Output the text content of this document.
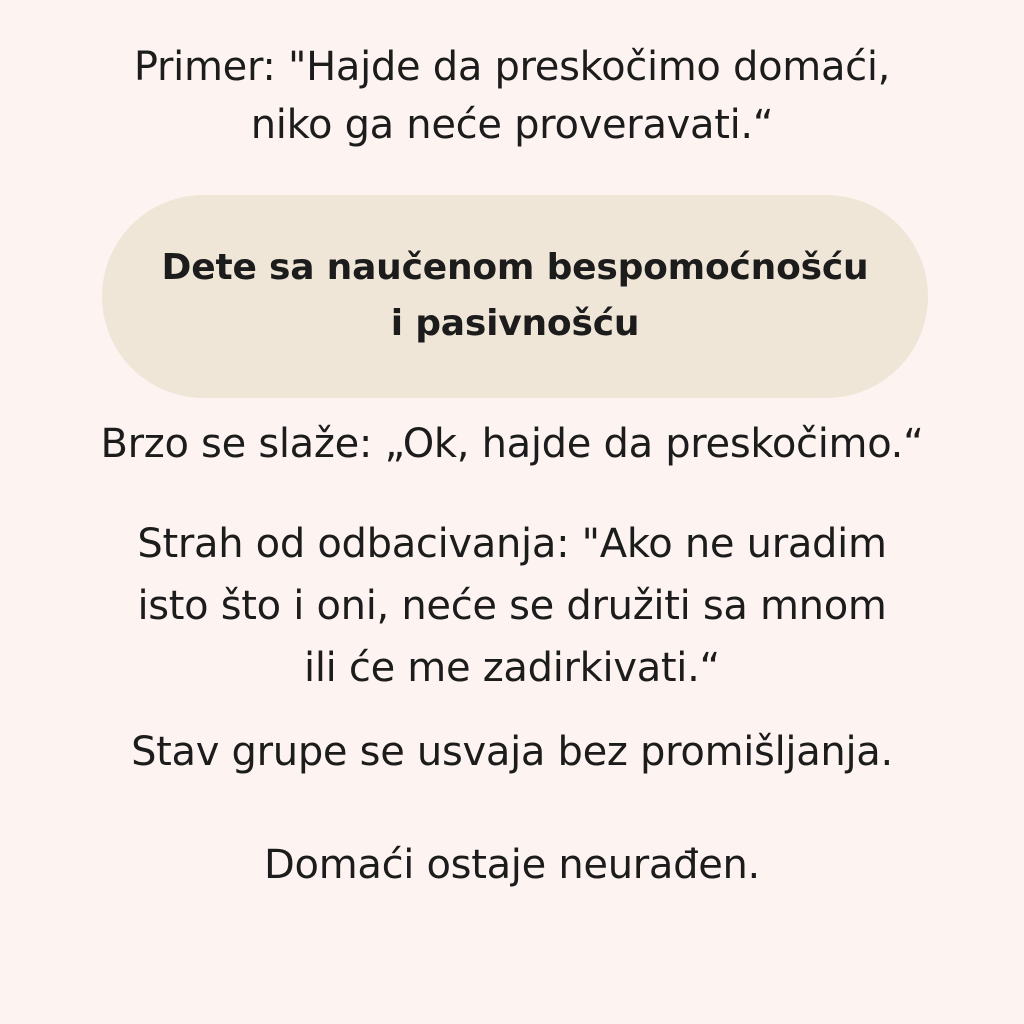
Primer: "Hajde da preskočimo domaći,
niko ga neće proveravati.“
Dete sa naučenom bespomoćnošću
i pasivnošću
Brzo se slaže: „Ok, hajde da preskočimo.“
Strah od odbacivanja: "Ako ne uradim
isto što i oni, neće se družiti sa mnom
ili će me zadirkivati.“
Stav grupe se usvaja bez promišljanja.
Domaći ostaje neurađen.
